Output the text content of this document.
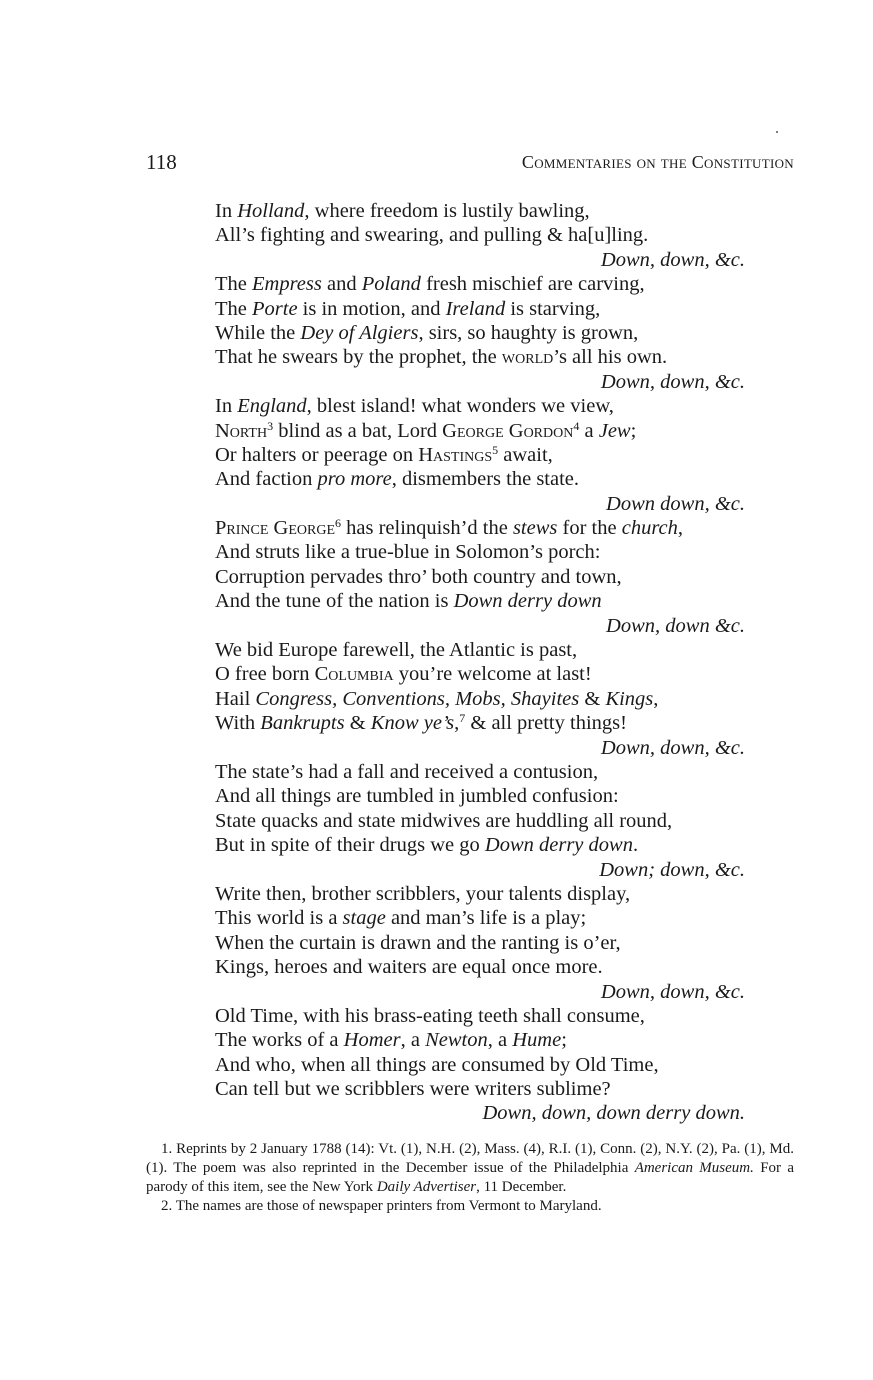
118	Commentaries on the Constitution
In Holland, where freedom is lustily bawling,
All’s fighting and swearing, and pulling & ha[u]ling.
Down, down, &c.
The Empress and Poland fresh mischief are carving,
The Porte is in motion, and Ireland is starving,
While the Dey of Algiers, sirs, so haughty is grown,
That he swears by the prophet, the world’s all his own.
Down, down, &c.
In England, blest island! what wonders we view,
North$^3$ blind as a bat, Lord George Gordon$^4$ a Jew;
Or halters or peerage on Hastings$^5$ await,
And faction pro more, dismembers the state.
Down down, &c.
Prince George$^6$ has relinquish’d the stews for the church,
And struts like a true-blue in Solomon’s porch:
Corruption pervades thro’ both country and town,
And the tune of the nation is Down derry down
Down, down &c.
We bid Europe farewell, the Atlantic is past,
O free born Columbia you’re welcome at last!
Hail Congress, Conventions, Mobs, Shayites & Kings,
With Bankrupts & Know ye’s,$^7$ & all pretty things!
Down, down, &c.
The state’s had a fall and received a contusion,
And all things are tumbled in jumbled confusion:
State quacks and state midwives are huddling all round,
But in spite of their drugs we go Down derry down.
Down; down, &c.
Write then, brother scribblers, your talents display,
This world is a stage and man’s life is a play;
When the curtain is drawn and the ranting is o’er,
Kings, heroes and waiters are equal once more.
Down, down, &c.
Old Time, with his brass-eating teeth shall consume,
The works of a Homer, a Newton, a Hume;
And who, when all things are consumed by Old Time,
Can tell but we scribblers were writers sublime?
Down, down, down derry down.
1. Reprints by 2 January 1788 (14): Vt. (1), N.H. (2), Mass. (4), R.I. (1), Conn. (2), N.Y. (2), Pa. (1), Md. (1). The poem was also reprinted in the December issue of the Philadelphia American Museum. For a parody of this item, see the New York Daily Advertiser, 11 December.
2. The names are those of newspaper printers from Vermont to Maryland.
